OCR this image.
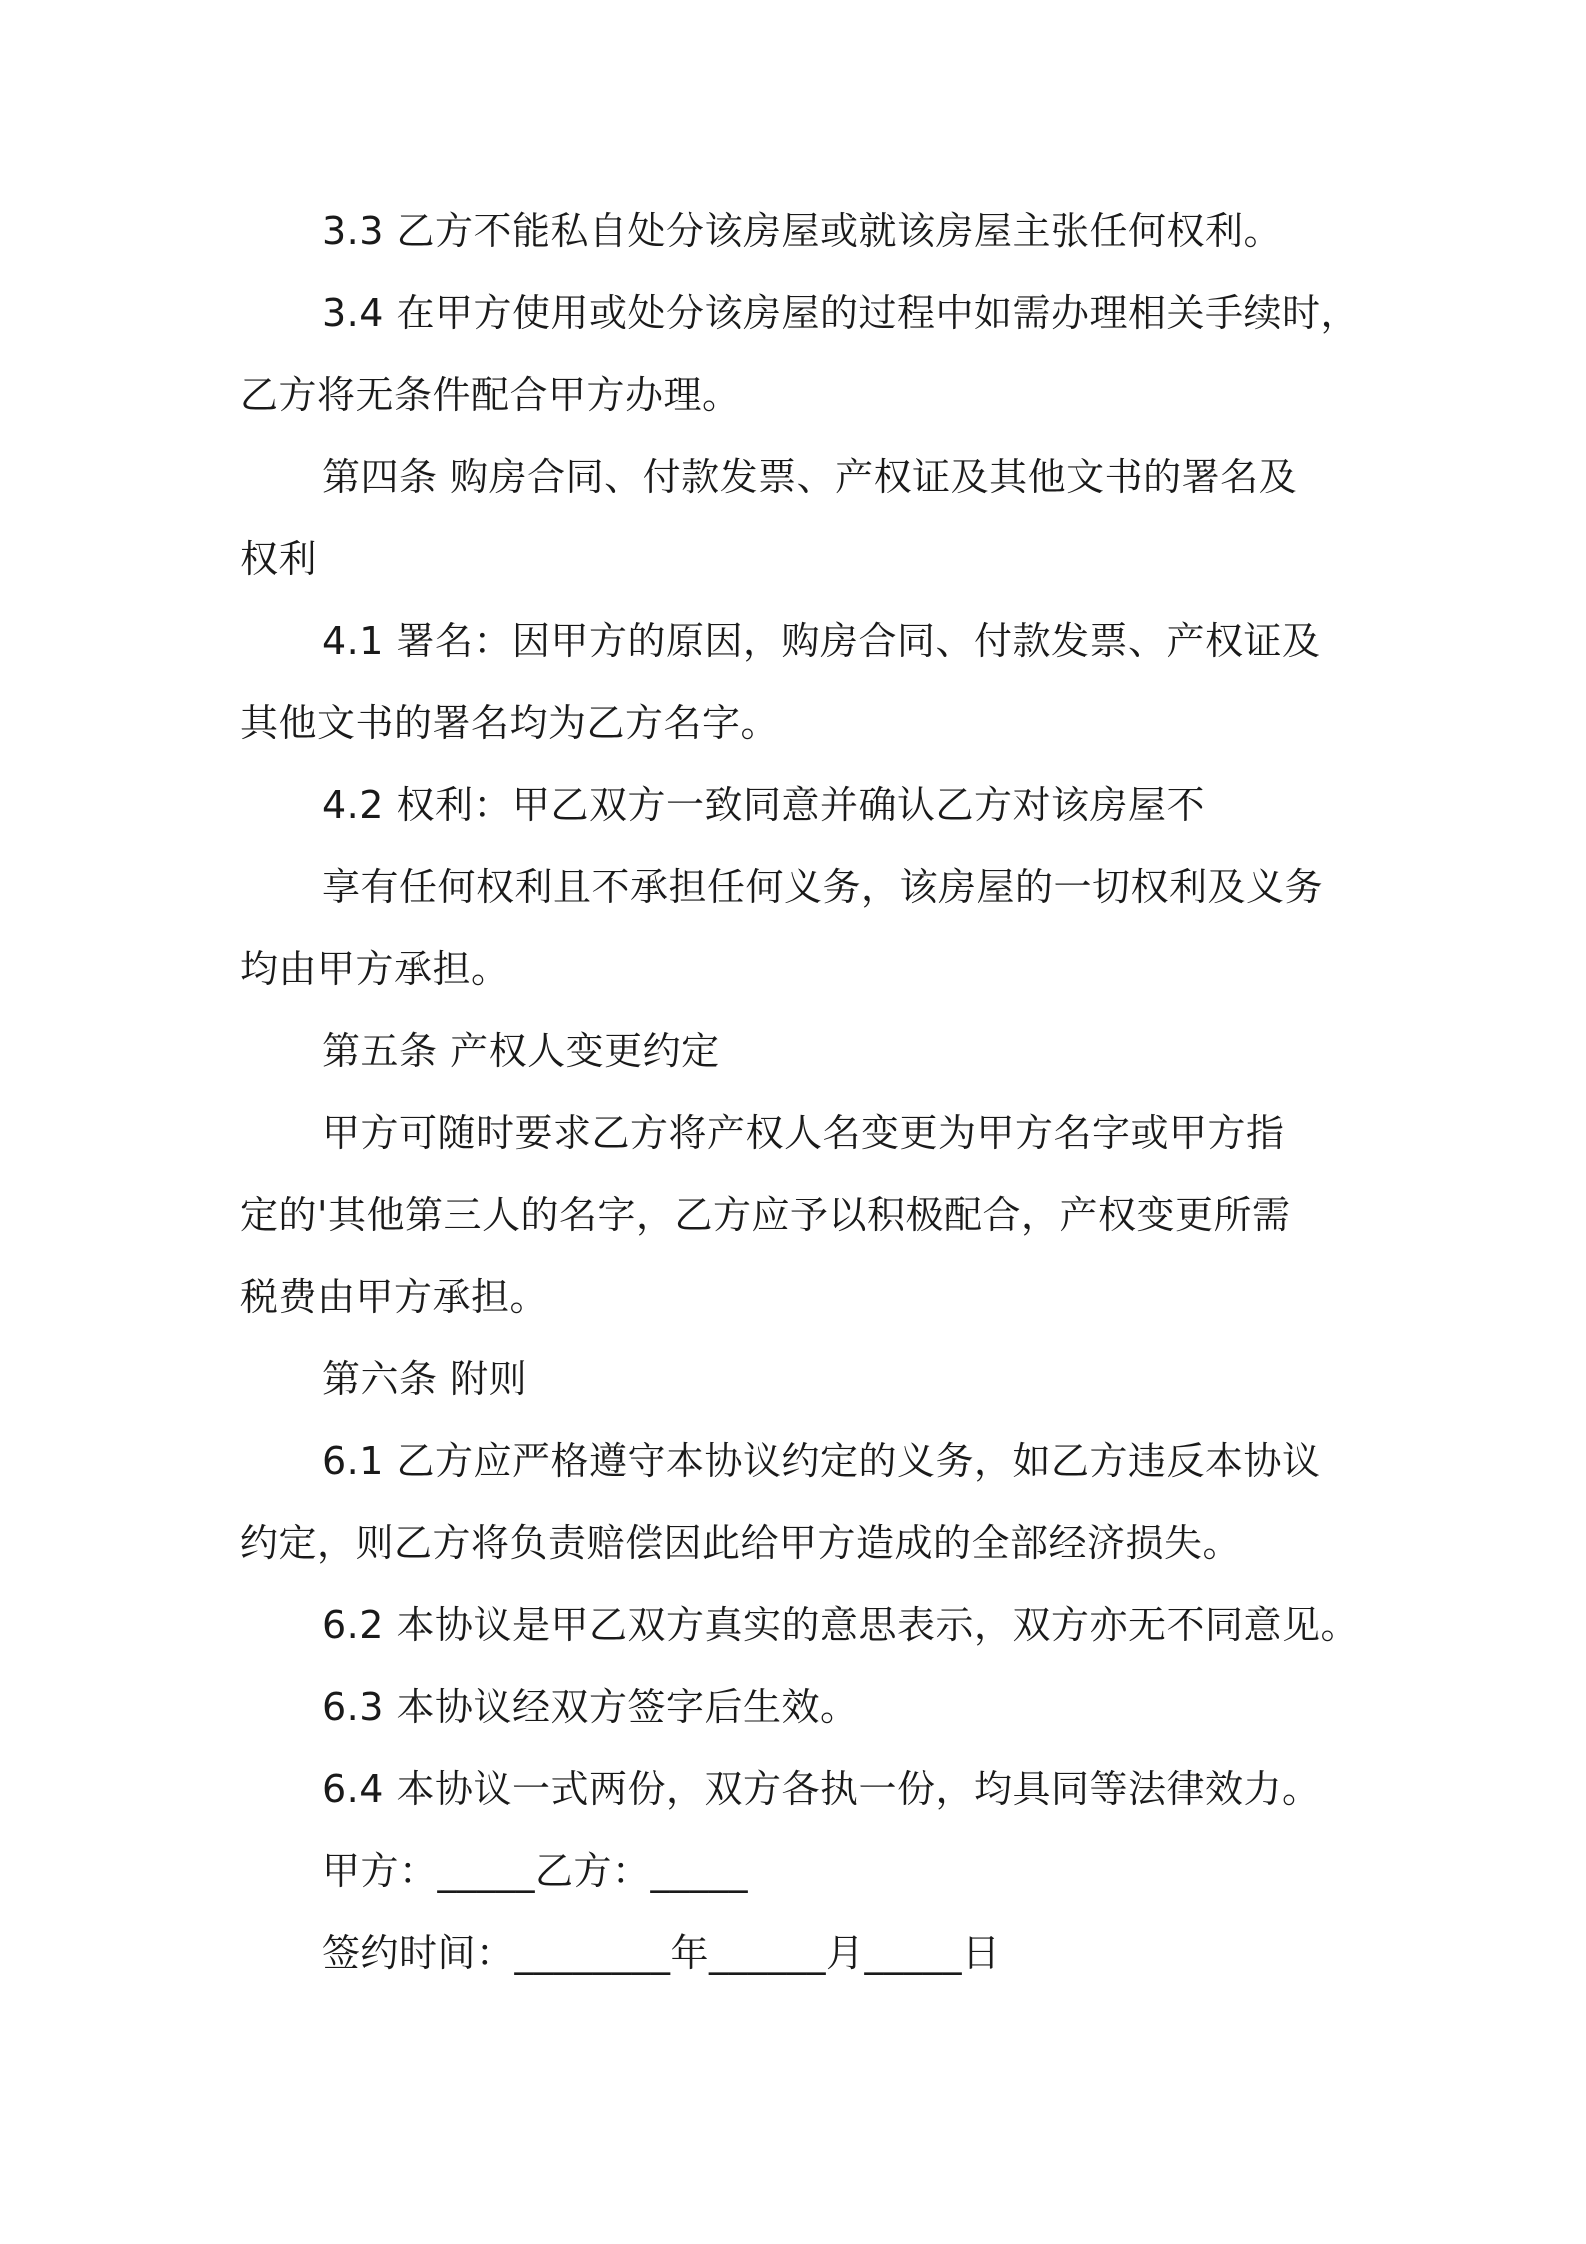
3.3 乙方不能私自处分该房屋或就该房屋主张任何权利。
3.4 在甲方使用或处分该房屋的过程中如需办理相关手续时，
乙方将无条件配合甲方办理。
第四条 购房合同、付款发票、产权证及其他文书的署名及
权利
4.1 署名：因甲方的原因，购房合同、付款发票、产权证及
其他文书的署名均为乙方名字。
4.2 权利：甲乙双方一致同意并确认乙方对该房屋不
享有任何权利且不承担任何义务，该房屋的一切权利及义务
均由甲方承担。
第五条 产权人变更约定
甲方可随时要求乙方将产权人名变更为甲方名字或甲方指
定的'其他第三人的名字，乙方应予以积极配合，产权变更所需
税费由甲方承担。
第六条 附则
6.1 乙方应严格遵守本协议约定的义务，如乙方违反本协议
约定，则乙方将负责赔偿因此给甲方造成的全部经济损失。
6.2 本协议是甲乙双方真实的意思表示，双方亦无不同意见。
6.3 本协议经双方签字后生效。
6.4 本协议一式两份，双方各执一份，均具同等法律效力。
甲方：_____乙方：_____
签约时间：________年______月_____日
